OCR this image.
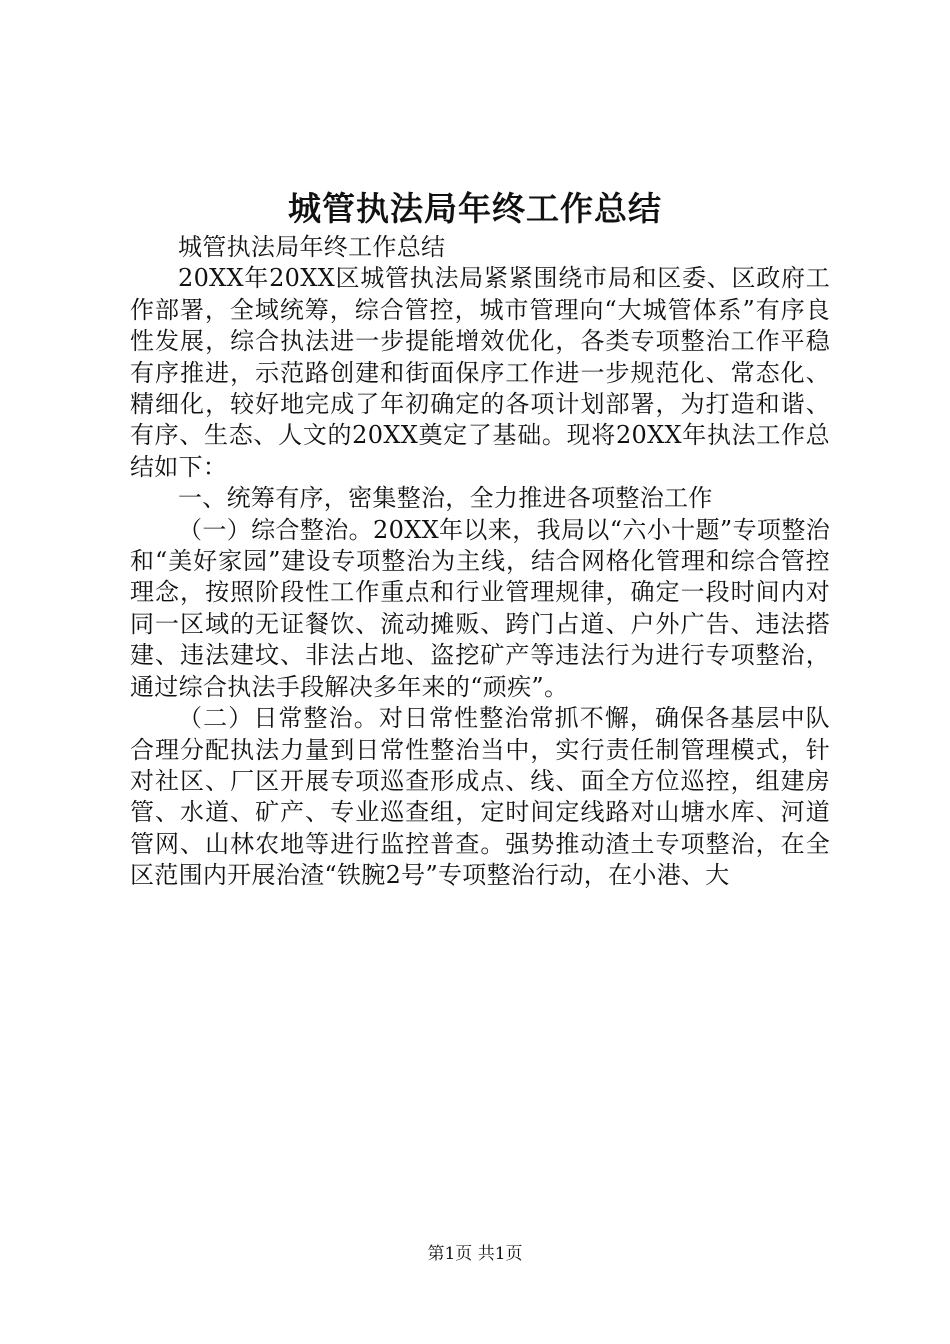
城管执法局年终工作总结

城管执法局年终工作总结

20XX年20XX区城管执法局紧紧围绕市局和区委、区政府工作部署，全域统筹，综合管控，城市管理向“大城管体系”有序良性发展，综合执法进一步提能增效优化，各类专项整治工作平稳有序推进，示范路创建和街面保序工作进一步规范化、常态化、精细化，较好地完成了年初确定的各项计划部署，为打造和谐、有序、生态、人文的20XX奠定了基础。现将20XX年执法工作总结如下：

一、统筹有序，密集整治，全力推进各项整治工作

（一）综合整治。20XX年以来，我局以“六小十题”专项整治和“美好家园”建设专项整治为主线，结合网格化管理和综合管控理念，按照阶段性工作重点和行业管理规律，确定一段时间内对同一区域的无证餐饮、流动摊贩、跨门占道、户外广告、违法搭建、违法建坟、非法占地、盗挖矿产等违法行为进行专项整治，通过综合执法手段解决多年来的“顽疾”。

（二）日常整治。对日常性整治常抓不懈，确保各基层中队合理分配执法力量到日常性整治当中，实行责任制管理模式，针对社区、厂区开展专项巡查形成点、线、面全方位巡控，组建房管、水道、矿产、专业巡查组，定时间定线路对山塘水库、河道管网、山林农地等进行监控普查。强势推动渣土专项整治，在全区范围内开展治渣“铁腕2号”专项整治行动，在小港、大

第1页 共1页
